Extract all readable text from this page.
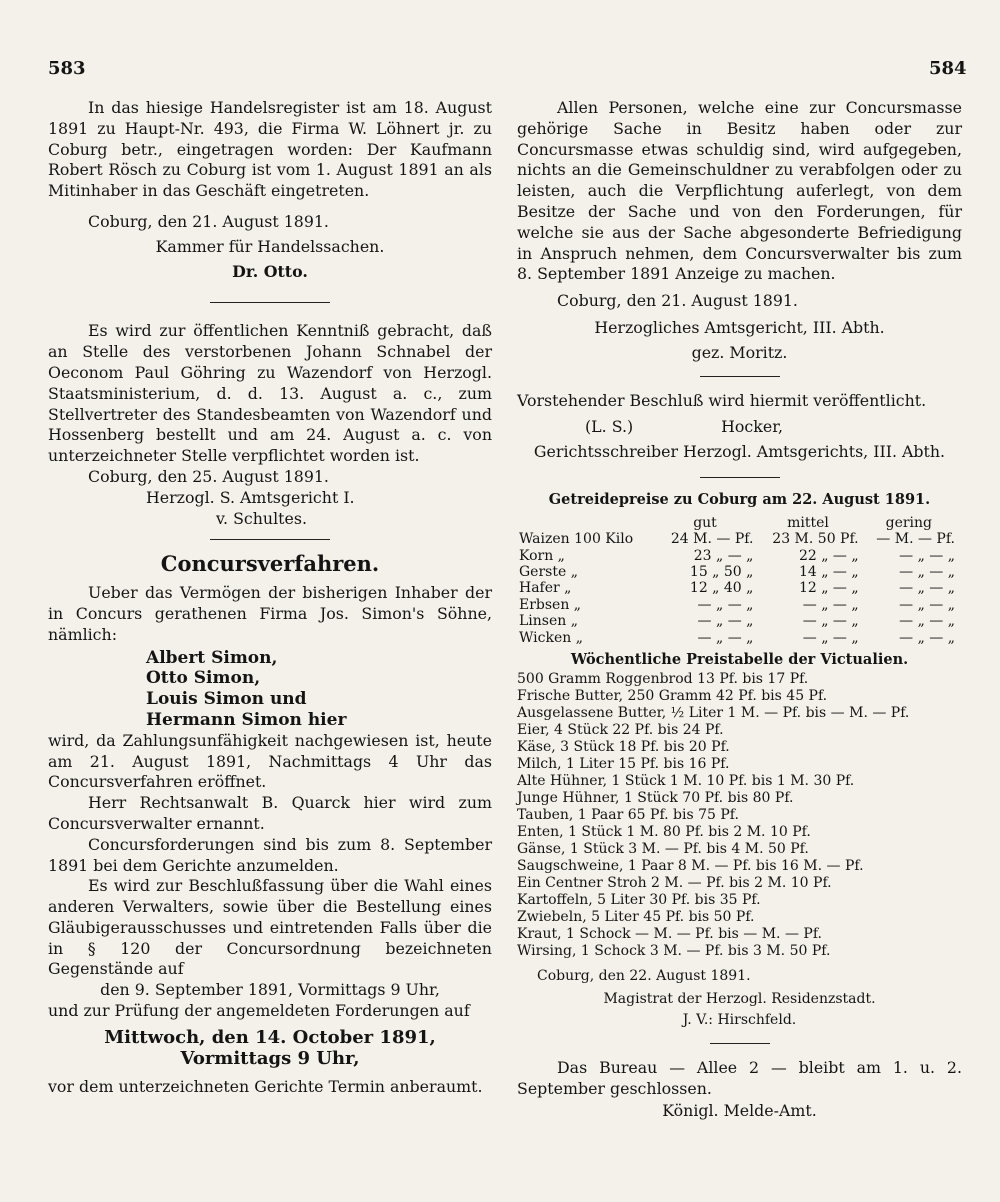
583	584

In das hiesige Handelsregister ist am 18. August 1891 zu Haupt-Nr. 493, die Firma W. Löhnert jr. zu Coburg betr., eingetragen worden: Der Kaufmann Robert Rösch zu Coburg ist vom 1. August 1891 an als Mitinhaber in das Geschäft eingetreten.

Coburg, den 21. August 1891.

Kammer für Handelssachen.

Dr. Otto.

Es wird zur öffentlichen Kenntniß gebracht, daß an Stelle des verstorbenen Johann Schnabel der Oeconom Paul Göhring zu Wazendorf von Herzogl. Staatsministerium, d. d. 13. August a. c., zum Stellvertreter des Standesbeamten von Wazendorf und Hossenberg bestellt und am 24. August a. c. von unterzeichneter Stelle verpflichtet worden ist.

Coburg, den 25. August 1891.

Herzogl. S. Amtsgericht I.

v. Schultes.

Concursverfahren.

Ueber das Vermögen der bisherigen Inhaber der in Concurs gerathenen Firma Jos. Simon's Söhne, nämlich:

Albert Simon,
Otto Simon,
Louis Simon und
Hermann Simon hier

wird, da Zahlungsunfähigkeit nachgewiesen ist, heute am 21. August 1891, Nachmittags 4 Uhr das Concursverfahren eröffnet.

Herr Rechtsanwalt B. Quarck hier wird zum Concursverwalter ernannt.

Concursforderungen sind bis zum 8. September 1891 bei dem Gerichte anzumelden.

Es wird zur Beschlußfassung über die Wahl eines anderen Verwalters, sowie über die Bestellung eines Gläubigerausschusses und eintretenden Falls über die in § 120 der Concursordnung bezeichneten Gegenstände auf

den 9. September 1891, Vormittags 9 Uhr,

und zur Prüfung der angemeldeten Forderungen auf

Mittwoch, den 14. October 1891,

Vormittags 9 Uhr,

vor dem unterzeichneten Gerichte Termin anberaumt.

Allen Personen, welche eine zur Concursmasse gehörige Sache in Besitz haben oder zur Concursmasse etwas schuldig sind, wird aufgegeben, nichts an die Gemeinschuldner zu verabfolgen oder zu leisten, auch die Verpflichtung auferlegt, von dem Besitze der Sache und von den Forderungen, für welche sie aus der Sache abgesonderte Befriedigung in Anspruch nehmen, dem Concursverwalter bis zum 8. September 1891 Anzeige zu machen.

Coburg, den 21. August 1891.

Herzogliches Amtsgericht, III. Abth.

gez. Moritz.

Vorstehender Beschluß wird hiermit veröffentlicht.

(L. S.)	Hocker,

Gerichtsschreiber Herzogl. Amtsgerichts, III. Abth.

Getreidepreise zu Coburg am 22. August 1891.

	gut	mittel	gering
Waizen 100 Kilo	24 M. — Pf.	23 M. 50 Pf.	— M. — Pf.
Korn „	23 „ — „	22 „ — „	— „ — „
Gerste „	15 „ 50 „	14 „ — „	— „ — „
Hafer „	12 „ 40 „	12 „ — „	— „ — „
Erbsen „	— „ — „	— „ — „	— „ — „
Linsen „	— „ — „	— „ — „	— „ — „
Wicken „	— „ — „	— „ — „	— „ — „

Wöchentliche Preistabelle der Victualien.

500 Gramm Roggenbrod 13 Pf. bis 17 Pf.
Frische Butter, 250 Gramm 42 Pf. bis 45 Pf.
Ausgelassene Butter, ½ Liter 1 M. — Pf. bis — M. — Pf.
Eier, 4 Stück 22 Pf. bis 24 Pf.
Käse, 3 Stück 18 Pf. bis 20 Pf.
Milch, 1 Liter 15 Pf. bis 16 Pf.
Alte Hühner, 1 Stück 1 M. 10 Pf. bis 1 M. 30 Pf.
Junge Hühner, 1 Stück 70 Pf. bis 80 Pf.
Tauben, 1 Paar 65 Pf. bis 75 Pf.
Enten, 1 Stück 1 M. 80 Pf. bis 2 M. 10 Pf.
Gänse, 1 Stück 3 M. — Pf. bis 4 M. 50 Pf.
Saugschweine, 1 Paar 8 M. — Pf. bis 16 M. — Pf.
Ein Centner Stroh 2 M. — Pf. bis 2 M. 10 Pf.
Kartoffeln, 5 Liter 30 Pf. bis 35 Pf.
Zwiebeln, 5 Liter 45 Pf. bis 50 Pf.
Kraut, 1 Schock — M. — Pf. bis — M. — Pf.
Wirsing, 1 Schock 3 M. — Pf. bis 3 M. 50 Pf.

Coburg, den 22. August 1891.

Magistrat der Herzogl. Residenzstadt.

J. V.: Hirschfeld.

Das Bureau — Allee 2 — bleibt am 1. u. 2. September geschlossen.

Königl. Melde-Amt.
